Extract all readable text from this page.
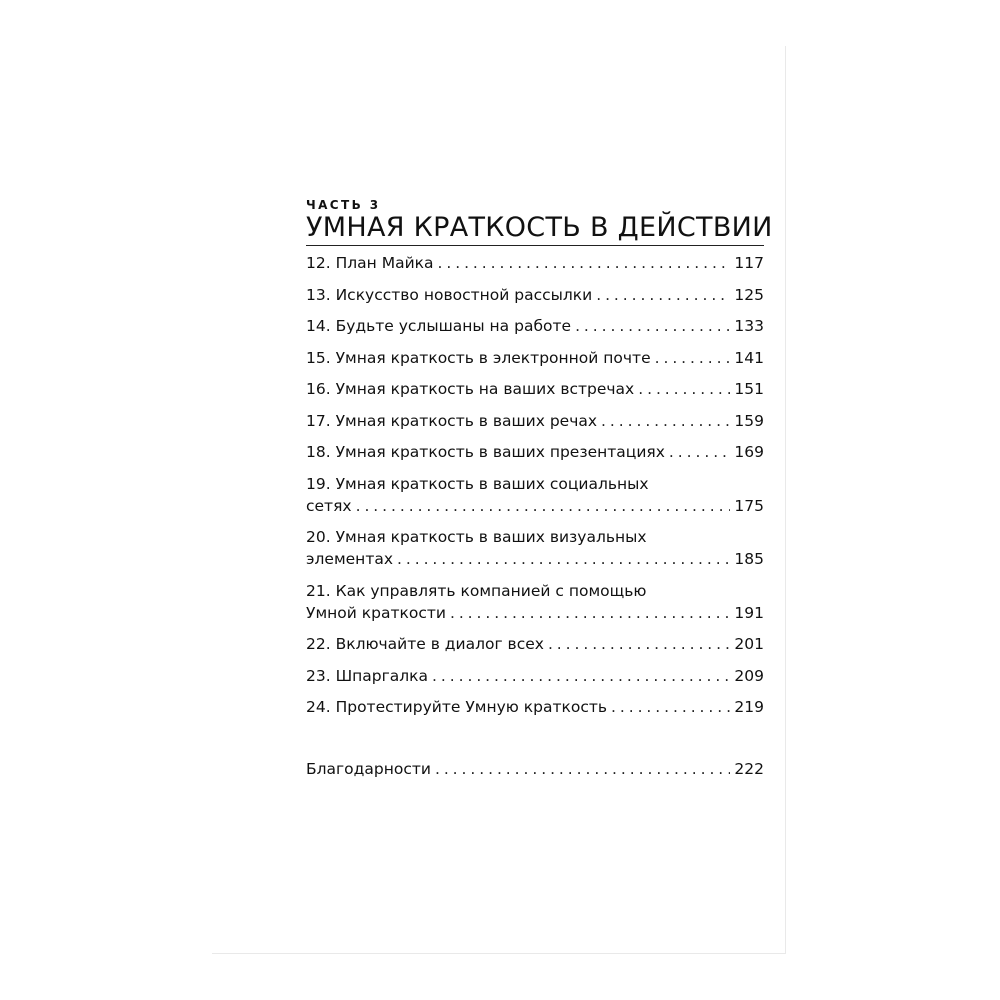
ЧАСТЬ 3
УМНАЯ КРАТКОСТЬ В ДЕЙСТВИИ
12. План Майка . . .	117
13. Искусство новостной рассылки . . .	125
14. Будьте услышаны на работе . . .	133
15. Умная краткость в электронной почте . . .	141
16. Умная краткость на ваших встречах . . .	151
17. Умная краткость в ваших речах . . .	159
18. Умная краткость в ваших презентациях . . .	169
19. Умная краткость в ваших социальных
сетях . . .	175
20. Умная краткость в ваших визуальных
элементах . . .	185
21. Как управлять компанией с помощью
Умной краткости . . .	191
22. Включайте в диалог всех . . .	201
23. Шпаргалка . . .	209
24. Протестируйте Умную краткость . . .	219
Благодарности . . .	222
